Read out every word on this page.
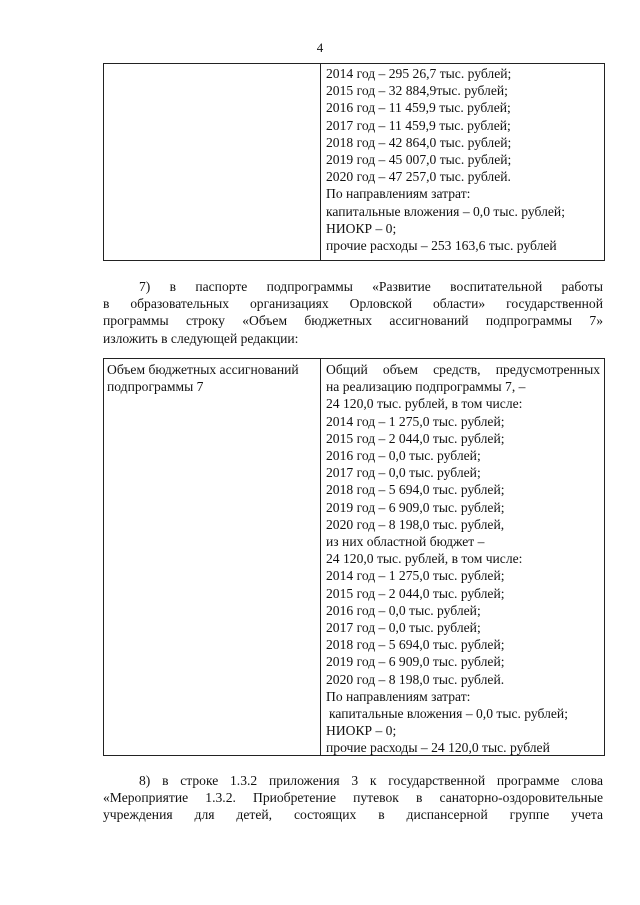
4
2014 год – 295 26,7 тыс. рублей;
2015 год – 32 884,9тыс. рублей;
2016 год – 11 459,9 тыс. рублей;
2017 год – 11 459,9 тыс. рублей;
2018 год – 42 864,0 тыс. рублей;
2019 год – 45 007,0 тыс. рублей;
2020 год – 47 257,0 тыс. рублей.
По направлениям затрат:
капитальные вложения – 0,0 тыс. рублей;
НИОКР – 0;
прочие расходы – 253 163,6 тыс. рублей
7) в паспорте подпрограммы «Развитие воспитательной работы
в образовательных организациях Орловской области» государственной
программы строку «Объем бюджетных ассигнований подпрограммы 7»
изложить в следующей редакции:
Объем бюджетных ассигнований
подпрограммы 7
Общий объем средств, предусмотренных
на реализацию подпрограммы 7, –
24 120,0 тыс. рублей, в том числе:
2014 год – 1 275,0 тыс. рублей;
2015 год – 2 044,0 тыс. рублей;
2016 год – 0,0 тыс. рублей;
2017 год – 0,0 тыс. рублей;
2018 год – 5 694,0 тыс. рублей;
2019 год – 6 909,0 тыс. рублей;
2020 год – 8 198,0 тыс. рублей,
из них областной бюджет –
24 120,0 тыс. рублей, в том числе:
2014 год – 1 275,0 тыс. рублей;
2015 год – 2 044,0 тыс. рублей;
2016 год – 0,0 тыс. рублей;
2017 год – 0,0 тыс. рублей;
2018 год – 5 694,0 тыс. рублей;
2019 год – 6 909,0 тыс. рублей;
2020 год – 8 198,0 тыс. рублей.
По направлениям затрат:
капитальные вложения – 0,0 тыс. рублей;
НИОКР – 0;
прочие расходы – 24 120,0 тыс. рублей
8) в строке 1.3.2 приложения 3 к государственной программе слова
«Мероприятие 1.3.2. Приобретение путевок в санаторно-оздоровительные
учреждения для детей, состоящих в диспансерной группе учета
